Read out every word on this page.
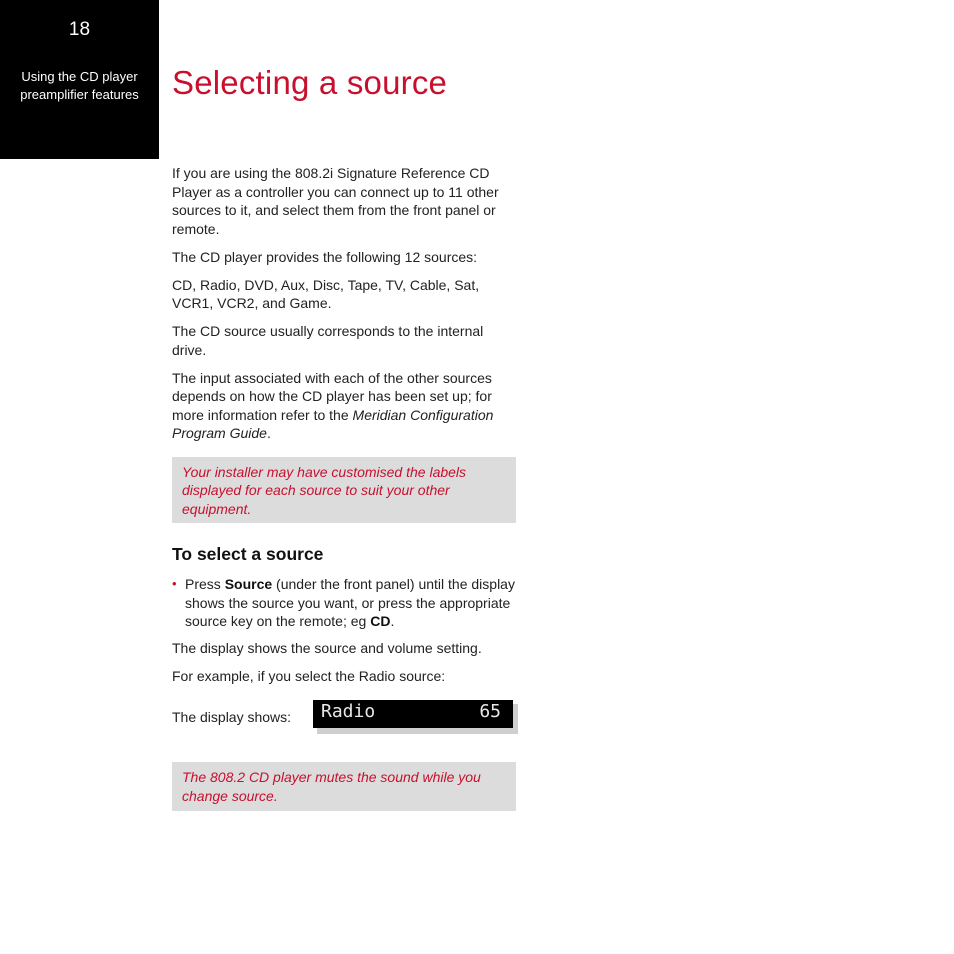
18
Using the CD player
preamplifier features	Selecting a source

If you are using the 808.2i Signature Reference CD Player as a controller you can connect up to 11 other sources to it, and select them from the front panel or remote.

The CD player provides the following 12 sources:

CD, Radio, DVD, Aux, Disc, Tape, TV, Cable, Sat, VCR1, VCR2, and Game.

The CD source usually corresponds to the internal drive.

The input associated with each of the other sources depends on how the CD player has been set up; for more information refer to the Meridian Configuration Program Guide.

Your installer may have customised the labels displayed for each source to suit your other equipment.
To select a source
• Press Source (under the front panel) until the display shows the source you want, or press the appropriate source key on the remote; eg CD.

The display shows the source and volume setting.

For example, if you select the Radio source:

The display shows: Radio	65
The 808.2 CD player mutes the sound while you change source.
